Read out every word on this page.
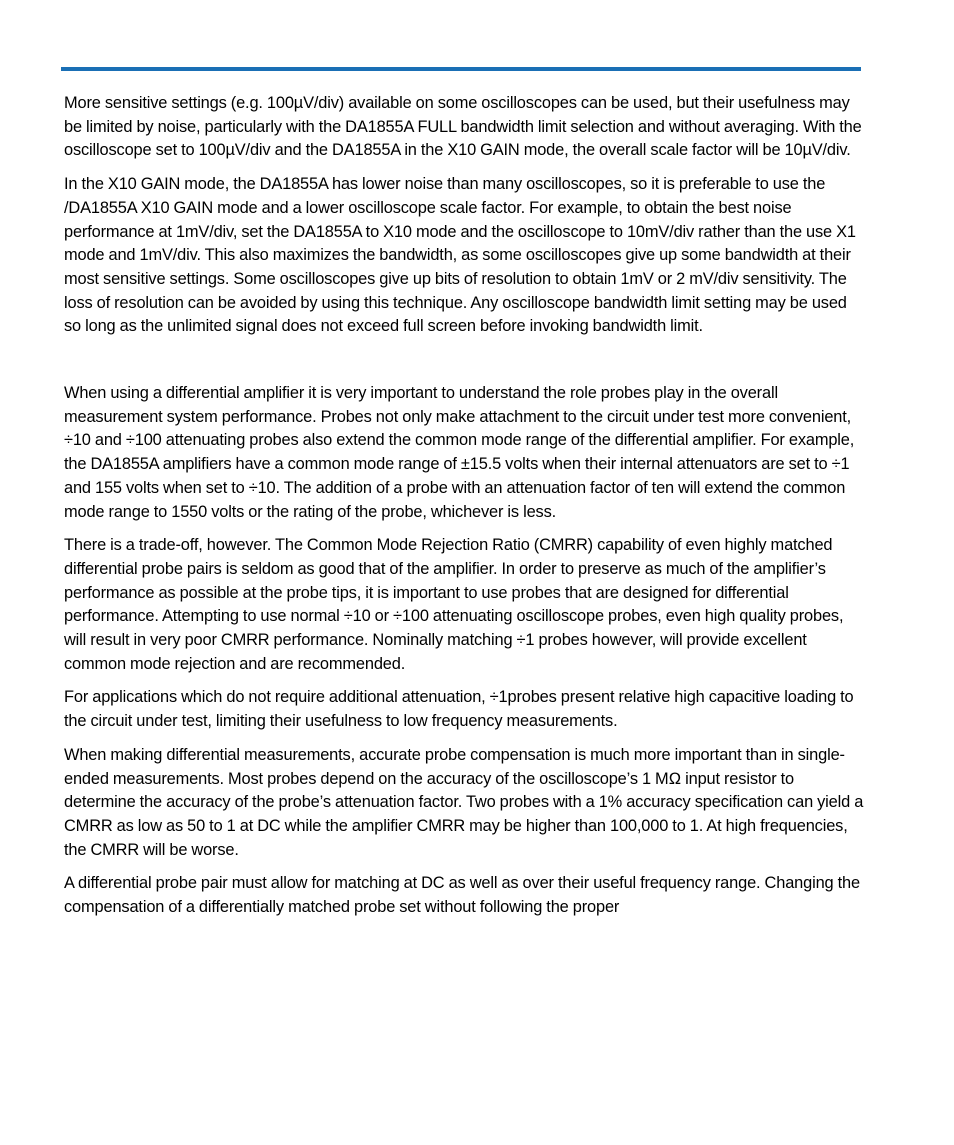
More sensitive settings (e.g. 100µV/div) available on some oscilloscopes can be used, but their usefulness may be limited by noise, particularly with the DA1855A FULL bandwidth limit selection and without averaging. With the oscilloscope set to 100µV/div and the DA1855A in the X10 GAIN mode, the overall scale factor will be 10µV/div.

In the X10 GAIN mode, the DA1855A has lower noise than many oscilloscopes, so it is preferable to use the /DA1855A X10 GAIN mode and a lower oscilloscope scale factor. For example, to obtain the best noise performance at 1mV/div, set the DA1855A to X10 mode and the oscilloscope to 10mV/div rather than the use X1 mode and 1mV/div. This also maximizes the bandwidth, as some oscilloscopes give up some bandwidth at their most sensitive settings. Some oscilloscopes give up bits of resolution to obtain 1mV or 2 mV/div sensitivity. The loss of resolution can be avoided by using this technique. Any oscilloscope bandwidth limit setting may be used so long as the unlimited signal does not exceed full screen before invoking bandwidth limit.

When using a differential amplifier it is very important to understand the role probes play in the overall measurement system performance. Probes not only make attachment to the circuit under test more convenient, ÷10 and ÷100 attenuating probes also extend the common mode range of the differential amplifier. For example, the DA1855A amplifiers have a common mode range of ±15.5 volts when their internal attenuators are set to ÷1 and 155 volts when set to ÷10. The addition of a probe with an attenuation factor of ten will extend the common mode range to 1550 volts or the rating of the probe, whichever is less.

There is a trade-off, however. The Common Mode Rejection Ratio (CMRR) capability of even highly matched differential probe pairs is seldom as good that of the amplifier. In order to preserve as much of the amplifier’s performance as possible at the probe tips, it is important to use probes that are designed for differential performance. Attempting to use normal ÷10 or ÷100 attenuating oscilloscope probes, even high quality probes, will result in very poor CMRR performance. Nominally matching ÷1 probes however, will provide excellent common mode rejection and are recommended.

For applications which do not require additional attenuation, ÷1probes present relative high capacitive loading to the circuit under test, limiting their usefulness to low frequency measurements.

When making differential measurements, accurate probe compensation is much more important than in single-ended measurements. Most probes depend on the accuracy of the oscilloscope’s 1 MΩ input resistor to determine the accuracy of the probe’s attenuation factor. Two probes with a 1% accuracy specification can yield a CMRR as low as 50 to 1 at DC while the amplifier CMRR may be higher than 100,000 to 1. At high frequencies, the CMRR will be worse.

A differential probe pair must allow for matching at DC as well as over their useful frequency range. Changing the compensation of a differentially matched probe set without following the proper
